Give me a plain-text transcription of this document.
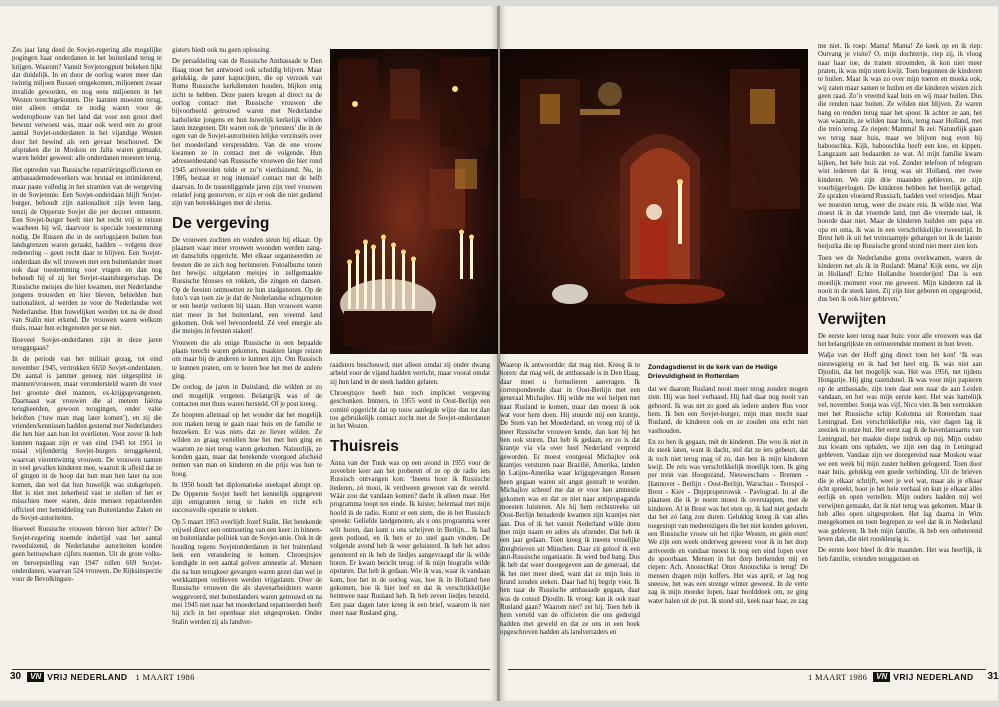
Zes jaar lang deed de Sovjet-regering alle mogelijke pogingen haar onderdanen in het buitenland terug te krijgen. Waarom? Vanuit Sovjetoogpunt bekeken lijkt dat duidelijk. In en door de oorlog waren meer dan twintig miljoen Russen omgekomen, miljoenen zwaar invalide geworden, en nog eens miljoenen in het Westen terechtgekomen. Die laatsten moesten terug, niet alleen omdat ze nodig waren voor de wederopbouw van het land dat voor een groot deel bewust verwoest was, maar ook werd een zo groot aantal Sovjet-onderdanen in het vijandige Westen door het bewind als een gevaar beschouwd. De afspraken die in Moskou en Jalta waren gemaakt, waren helder geweest: alle onderdanen moesten terug.

Het optreden van Russische repatriëringsofficieren en ambassademedewerkers was brutaal en intimiderend, maar paste volledig in het stramien van de wetgeving in de Sovjetunie. Een Sovjet-onderdaan blijft Sovjet-burger, behoudt zijn nationaliteit zijn leven lang, tenzij de Opperste Sovjet die per decreet ontneemt. Een Sovjet-burger heeft niet het recht vrij te reizen waarheen hij wil, daarvoor is speciale toestemming nodig. De Russen die in de oorlogsjaren buiten hun landsgrenzen waren geraakt, hadden – volgens deze redenering – geen recht daar te blijven. Een Sovjet-onderdaan die wil trouwen met een buitenlander moet ook daar toestemming voor vragen en dan nog behoudt hij of zij het Sovjet-staatsburgerschap. De Russische meisjes die hier kwamen, met Nederlandse jongens trouwden en hier bleven, behielden hun nationaliteit, al werden ze voor de Nederlandse wet Nederlandse. Hun huwelijken werden tot na de dood van Stalin niet erkend. De vrouwen waren welkom thuis, maar hun echtgenoten per se niet.

Hoeveel Sovjet-onderdanen zijn in deze jaren teruggegaan?

In de periode van het militair gezag, tot eind november 1945, vertrokken 6650 Sovjet-onderdanen. Dit aantal is jammer genoeg niet uitgesplitst in mannen/vrouwen, maar verondersteld waren dit voor het grootste deel mannen, ex-krijgsgevangenen. Daarnaast wat vrouwen die al meteen hiërna terugkeerden, gewoon terugingen, onder valse beloften (‘tuw man mag later komen’), en zij die vrienden/kennissen hadden gestemd met Nederlanders die hen hier aan hun lot overlieten. Voor zover ik heb kunnen nagaan zijn er van eind 1945 tot 1951 in totaal vijfendertig Sovjet-burgers teruggekeerd, waarvan vierentwintig vrouwen. De vrouwen namen in veel gevallen kinderen mee, waaruit ik afleid dat ze óf gingen in de hoop dat hun man hen later na zou komen, dan wel dat hun huwelijk was stukgelopen. Het is niet met zekerheid vast te stellen of het er misschien meer waren, deze mensen repatrieerden officieel met bemiddeling van Buitenlandse Zaken en de Sovjet-autoriteiten.

Hoeveel Russische vrouwen bleven hier achter? De Sovjet-regering noemde indertijd vast het aantal tweeduizend, de Nederlandse autoriteiten konden geen betrouwbare cijfers noemen. Uit de grote volks- en beroepstelling van 1947 rollen 669 Sovjet-onderdanen, waarvan 524 vrouwen. De Rijksinspectie voor de Bevolkingsre-

gisters biedt ook nu geen oplossing.

De persafdeling van de Russische Ambassade te Den Haag moet het antwoord ook schuldig blijven. Maar gelukkig, de pater kapucijnen, die op verzoek van Rome Russische kerkdiensten houden, blijken enig zicht te hebben. Deze paters kregen al direct na de oorlog contact met Russische vrouwen die bijvoorbeeld getrouwd waren met Nederlandse katholieke jongens en hun huwelijk kerkelijk wilden laten inzegenen. Dit waren ook de ‘priesters’ die in de ogen van de Sovjet-autoriteiten lelijke verzinsels over het moederland verspreidden. Van de ene vrouw kwamen ze in contact met de volgende. Hun adressenbestand van Russische vrouwen die hier rond 1945 arriveerden telde er zo’n vierduizend. Nu, in 1986, bestaat er nog intensief contact met de helft daarvan. In de tussenliggende jaren zijn veel vrouwen relatief jong gestorven, er zijn er ook die niet gediend zijn van betrekkingen met de clerus.

De vergeving

De vrouwen zochten en vonden steun bij elkaar. Op plaatsen waar meer vrouwen woonden werden zang- en dansclubs opgericht. Met elkaar organiseerden ze feesten die ze zich nog herinneren. Fotoalbums tonen het bewijs: uitgelaten meisjes in zelfgemaakte Russische blouses en rokken, die zingen en dansen. Op de feesten ontmoetten ze hun stadgenoten. Op de foto’s van toen zie je dat de Nederlandse echtgenoten er een beetje verloren bij staan. Hun vrouwen waren niet meer in het buitenland, een vreemd land gekomen. Ook wel bevoordeeld. Zé veel energie als die meisjes in feesten staken!

Vrouwen die als enige Russische in een bepaalde plaats terecht waren gekomen, maakten lange reizen om maar bij de anderen te kunnen zijn. Om Russisch te kunnen praten, om te horen hoe het met de andere ging.

De oorlog, de jaren in Duitsland, die wilden ze zo snel mogelijk vergeten. Belangrijk was of de contacten met thuis waren hersteld. Of je post kreeg.

Ze hoopten allemaal op het wonder dat het mogelijk zou maken terug te gaan naar huis en de familie te bezoeken. Er was niets dat ze liever wilden. Ze wilden zo graag vertellen hoe het met hen ging en waarom ze niet terug waren gekomen. Natuurlijk, ze konden gaan, maar dat betekende voorgoed afscheid nemen van man en kinderen en die prijs was hun te hoog.

In 1950 houdt het diplomatieke steekspel abrupt op. De Opperste Sovjet heeft het kennelijk opgegeven zijn emigranten terug te halen en richt ech successvolle operatie te steken.

Op 5 maart 1953 overlijdt Jozef Stalin. Het betekende vrijwel direct een ontmoeting van een keer: in binnen-en buitenlandse politiek van de Sovjet-unie. Ook in de houding tegens Sovjetonderdanen in het buitenland leek een verandering te komen. Chroesjtsjov kondigde in een aantal golven amnestie af. Mensen die na hun terugkeer gevangen waren gezet dan wel in werkkampen verbleven werden vrijgelaten. Over de Russische vrouwen die als slavenarbeidsters waren weggevoerd, met buitenlanders waren getrouwd en na mei 1945 niet naar het moederland repatrieerden heeft hij zich in het openbaar niet uitgesproken. Onder Stalin werden zij als landver-

raadsters beschouwd, niet alleen omdat zij onder dwang arbeid voor de vijand hadden verricht, maar vooral omdat zij hun land in de steek hadden gelaten.

Chroesjtsjov heeft hun toch impliciet vergeving geschonken. Immers, in 1955 werd in Oost-Berlijn een comité opgericht dat op touw aanlegde wijze dan tot dan toe gebruikelijk contact zocht met de Sovjet-onderdanen in het Westen.

Thuisreis

Anna van der Tuuk was op een avond in 1955 voor de zoveelste keer aan het proberen of ze op de radio iets Russisch ontvangen kon: ‘Ineens hoor ik Russische liederen, zó mooi, ik verdween gewoon van de wereld. Wáár zou dat vandaan komen? dacht ik alleen maar. Het programma loopt ten einde. Ik luister, helemaal met mijn hoofd in de radio. Komt er een stem, die in het Russisch spreekt: Geliefde landgenoten, als u ons programma weer wilt horen, dan kunt u ons schrijven in Berlijn... Ik had geen potlood, en ik ben er zo snel gaan vinden. De volgende avond heb ik weer geluisterd. Ik heb het adres genoteerd en ik heb de liedjes aangevraagd die ik wilde horen. Er kwam bericht terug: of ik mijn biografie wilde opsturen. Dat heb ik gedaan. Wie ik was, waar ik vandaan kom, hoe het in de oorlog was, hoe ik in Holland ben gekomen, hoe ik hier leef en dat ik verschrikkelijke heimwee naar Rusland heb. Ik heb zeven liedjes besteld. Een paar dagen later kreeg ik een brief, waarom ik niet meer naar Rusland ging.

30	VN VRIJ NEDERLAND 1 MAART 1986
Zondagsdienst in de kerk van de Heilige Drievuldigheid in Rotterdam

dat we daarom Rusland nooit meer terug zouden mogen zien. Hij was heel verbaasd. Hij had daar nog nooit van gehoord. Ik was net zo goed als iedere andere Rus voor hem. Ik ben een Sovjet-burger, mijn man mocht naar Rusland, de kinderen ook en ze zouden ons echt niet vasthouden.

En zo ben ik gegaan, mèt de kinderen. Die wou ik niet in de steek laten, want ik dacht, stel dat ze iets gebeurt, dat ik toch niet terug mag of zo, dan ben ik mijn kinderen kwijt. De reis was verschrikkelijk moeilijk toen. Ik ging per trein van Hoogezand, Nieuweschans - Bremen - Hannover - Berlijn - Oost-Berlijn, Warschau - Terespol - Brest - Kiev - Dnjepropetrowsk - Pavlograd. In al die plaatsen die ik je noem moest ik overstappen, met de kinderen. Al in Brest was het eten op, ik had niet gedacht dat het zó lang zou duren. Gelukkig kreeg ik van alles toegestopt van medereizigers die het niet konden geloven, een Russische vrouw uit het rijke Westen, en géén eten! We zijn een week onderweg geweest voor ik in het dorp arriveerde en vandaar moest ik nog een eind lopen over de spoorbaan. Mensen in het dorp herkenden mij en riepen: Ach, Anouschka! Onze Anouschka is terug! De mensen dragen mijn koffers. Het was april, er lag nog sneeuw, het was een strenge winter geweest. In de verte zag ik mijn moeder lopen, haar hoofddoek om, ze ging water halen uit de put. Ik stond stil, keek naar haar, ze zag

me niet. Ik roep: Mama! Mama! Ze keek op en ik riep: Outvang je visite? O, mijn dochtertje, riep zij, ik vloog naar haar toe, de tranen stroomden, ik kon niet meer praten, ik was mijn stem kwijt. Toen begonnen de kinderen te huilen. Maar ik was zo over mijn toeren en moeka ook, wij zaten maar samen te huilen en die kinderen wisten zich geen raad. Zo’n vreemd kaal huis en wij maar huilen. Dus die renden naar buiten. Ze wilden niet blijven. Ze waren bang en renden terug naar het spoor. Ik achter ze aan, het was waanzin, ze wilden naar huis, terug naar Holland, met die trein terug. Ze riepen: Mamma! Ik zei: Natuurlijk gaan we terug naar huis, maar we blijven nog even bij babooschka. Kijk, babooschka heeft een koe, en kippen. Langzaam aan bedaarden ze wat. Al mijn familie kwam kijken, het hele huis zat vol. Zonder telefoon of telegram wist iedereen dat ik terug was uit Holland, met twee kinderen. We zijn drie maanden gebleven, ze zijn voorbijgevlogen. De kinderen hebben het heerlijk gehad. Ze spraken vloeiend Russisch, hadden veel vriendjes. Maar we moesten terug, weer die zware reis. Ik wilde niet. Wat moest ik in dat vreemde land, met die vreemde taal, ik hoorde daar niet. Maar de kinderen huilden om papa en opa en oma, ik was in een verschrikkelijke tweestrijd. In Brest heb ik uit het treinraampje gehangen tot ik de laatste berjozka die op Russische grond stond niet meer zien kon.

Toen we de Nederlandse grens overkwamen, waren de kinderen net als ik in Rusland: Mama! Kijk eens, we zijn in Holland! Echte Hollandse boerderijen! Dat is een moeilijk moment voor me geweest. Mijn kinderen zal ik nooit in de steek laten. Zij zijn hier geboren en opgegroeid, dus ben ik ook hier gebleven.’

Verwijten

De eerste keer terug naar huis: voor alle vrouwen was dat het belangrijkste en ontroerendste moment in hun leven.

Walja van der Hoff ging direct toen het kon! ‘Ik was nieuwsgierig en ik had het heel erg. Ik was niet aan Djoulin, dat het mogelijk was. Het was 1956, net tijdens Hongarije. Hij ging razendsnel. Ik was voor mijn papieren op de ambassade, zijn toen daar een naar de aan Leiden vandaan, en het was mijn eerste keer. Het was harteliijk vel, november. Sonja was vijf, Nico vier. Ik ben vertrokken met het Russische schip Kolomna uit Rotterdam naar Leningrad. Een verschrikkelijke reis, vier dagen lag ik zeeziek in onze hut. Het eerst zag ik de havenlantaarns van Leningrad, het maakte diepe indruk op mij. Mijn oudste zus kwam ons ophalen, we zijn een dag in Leningrad gebleven. Vandaar zijn we doorgereisd naar Moskou waar we een week bij mijn zuster hebben gelogeerd. Toen door naar huis, gelukkig een goede verbinding. Uit de brieven die je elkaar schrijft, weet je wel wat, maar als je elkaar écht spreekt, hoor je het hele verhaal en kun je elkaar alles eerlijk en open vertellen. Mijn ouders hadden mij wel verwijten gemaakt, dat ik niet terug was gekomen. Maar ik heb alles open uitgesproken. Het lag daarna in Wim meegekomen en toen begrepen ze wel dat ik in Nederland was gebleven. Ik heb mijn familie, ik heb een onbetreend leven dan, die niet rooskleurig is.

De eerste keer bleef ik drie maanden. Het was heerlijk, ik heb familie, vrienden teruggezien en

1 MAART 1986	VN VRIJ NEDERLAND 31

Waarop ik antwoordde: dat mag niet. Kreeg ik te horen: dat mag wél, de ambassade is in Den Haag, daar moet u formulieren aanvragen. Ik correspondeerde daar in Oost-Berlijn met een generaal Michajlov. Hij wilde me wel helpen met naar Rusland te komen, maar dan moest ik ook wat voor hem doen. Hij stuurde mij een krantje, De Stem van het Moederland, en vroeg mij of ik meer Russische vrouwen kende, dan kon hij het hen ook sturen. Dat heb ik gedaan, en zo is dat krantje via vía over heel Nederland verpreid geworden. Er moest voorgeeal Michajlov ook krantjes versturen naar Brazilië, Amerika, landen in Latijns-Amerika waar krijgsgevangen Russen heen gegaan waren uit angst gestraft te worden. Michajlov schreef me dat er voor hen amnestie gekomen was en dat ze niet naar antipropaganda moesten luisteren. Als hij hem rechtstreeks uit Oost-Berlijn benaderde kwamen zijn krantjes niet aan. Dus of ik het vanuit Nederland wilde doen met mijn naam en adres als afzender. Dat heb ik een jaar gedaan. Toen kreeg ik ineens vreselijke dreigbrieven uit München. Daar zit geloof ik een anti-Russische organisatie. Ik werd bod bang. Dus ik heb dat weer doorgegeven aan de generaal, dat ik het niet meer deed, want dat ze mijn huis in brand zouden steken. Daar had hij begrip voor. Ik ben naar de Russische ambassade gegaan, daar was de consul Djoulin. Ik vroeg: kan ik ook naar Rusland gaan? Waarom niet? zei hij. Toen heb ik hem verteld van de officieren die ons gedreigd hadden met geweld en dat ze ons in een boek opgeschreven hadden als landverraders en
